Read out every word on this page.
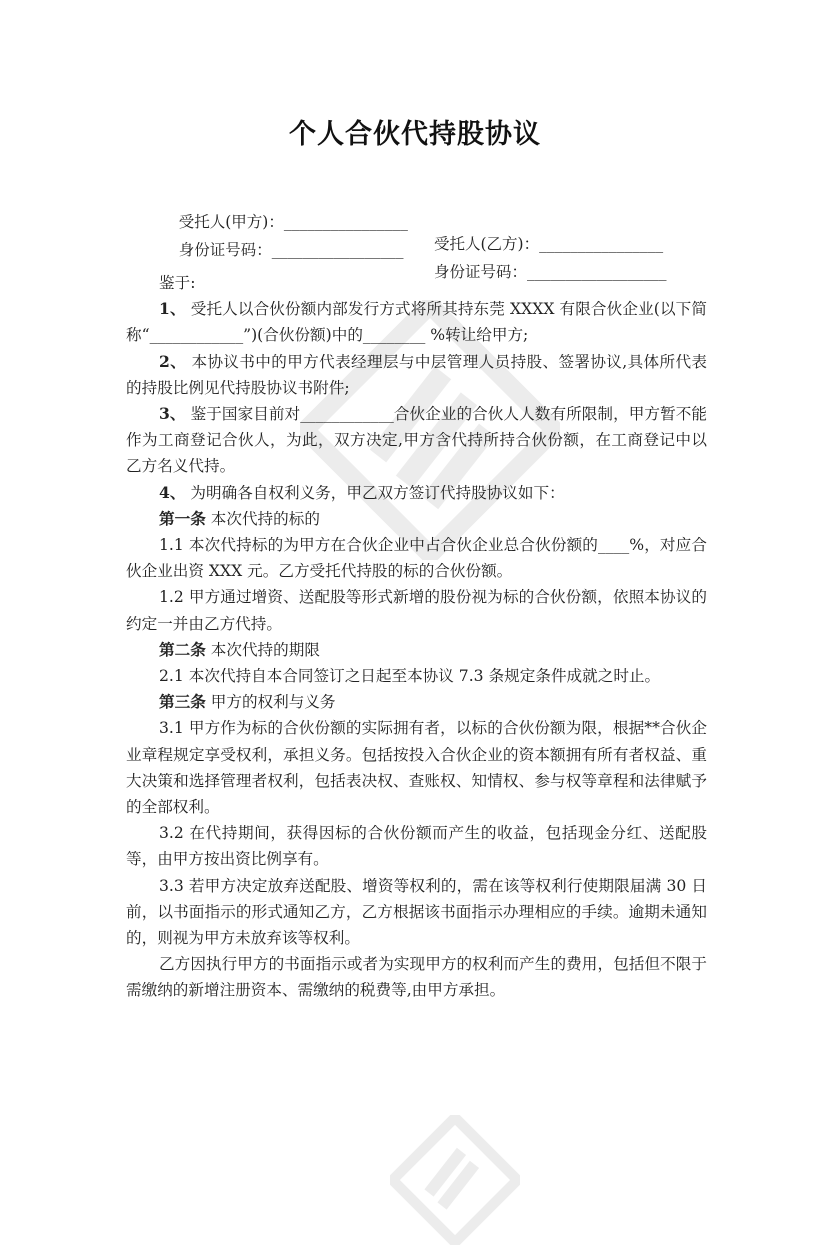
个人合伙代持股协议

受托人(甲方)：________________

受托人(乙方)：________________

身份证号码：_________________

身份证号码：__________________

鉴于:

1、 受托人以合伙份额内部发行方式将所其持东莞 XXXX 有限合伙企业(以下简称“____________”)(合伙份额)中的________ %转让给甲方;

2、 本协议书中的甲方代表经理层与中层管理人员持股、签署协议,具体所代表的持股比例见代持股协议书附件;

3、 鉴于国家目前对____________合伙企业的合伙人人数有所限制，甲方暂不能作为工商登记合伙人，为此，双方决定,甲方含代持所持合伙份额，在工商登记中以乙方名义代持。

4、 为明确各自权利义务，甲乙双方签订代持股协议如下：

第一条 本次代持的标的

1.1 本次代持标的为甲方在合伙企业中占合伙企业总合伙份额的____%，对应合伙企业出资 XXX 元。乙方受托代持股的标的合伙份额。

1.2 甲方通过增资、送配股等形式新增的股份视为标的合伙份额，依照本协议的约定一并由乙方代持。

第二条 本次代持的期限

2.1 本次代持自本合同签订之日起至本协议 7.3 条规定条件成就之时止。

第三条 甲方的权利与义务

3.1 甲方作为标的合伙份额的实际拥有者，以标的合伙份额为限，根据**合伙企业章程规定享受权利，承担义务。包括按投入合伙企业的资本额拥有所有者权益、重大决策和选择管理者权利，包括表决权、查账权、知情权、参与权等章程和法律赋予的全部权利。

3.2 在代持期间，获得因标的合伙份额而产生的收益，包括现金分红、送配股等，由甲方按出资比例享有。

3.3 若甲方决定放弃送配股、增资等权利的，需在该等权利行使期限届满 30 日前，以书面指示的形式通知乙方，乙方根据该书面指示办理相应的手续。逾期未通知的，则视为甲方未放弃该等权利。

乙方因执行甲方的书面指示或者为实现甲方的权利而产生的费用，包括但不限于需缴纳的新增注册资本、需缴纳的税费等,由甲方承担。
